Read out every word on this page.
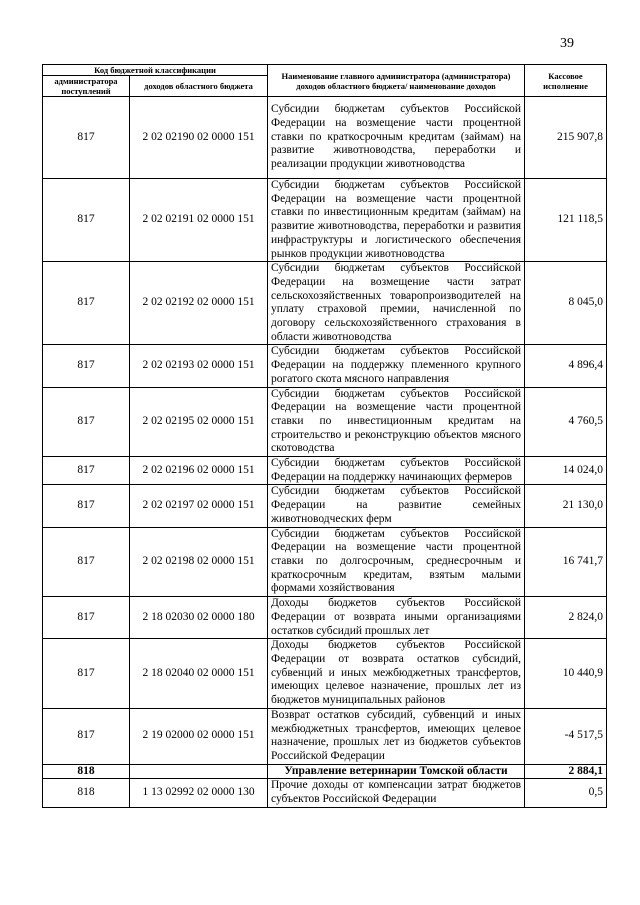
39
Код бюджетной классификации		Наименование главного администратора (администратора) доходов областного бюджета/ наименование доходов	Кассовое исполнение
администратора поступлений	доходов областного бюджета		
817	2 02 02190 02 0000 151	Субсидии бюджетам субъектов Российской Федерации на возмещение части процентной ставки по краткосрочным кредитам (займам) на развитие животноводства, переработки и реализации продукции животноводства	215 907,8
817	2 02 02191 02 0000 151	Субсидии бюджетам субъектов Российской Федерации на возмещение части процентной ставки по инвестиционным кредитам (займам) на развитие животноводства, переработки и развития инфраструктуры и логистического обеспечения рынков продукции животноводства	121 118,5
817	2 02 02192 02 0000 151	Субсидии бюджетам субъектов Российской Федерации на возмещение части затрат сельскохозяйственных товаропроизводителей на уплату страховой премии, начисленной по договору сельскохозяйственного страхования в области животноводства	8 045,0
817	2 02 02193 02 0000 151	Субсидии бюджетам субъектов Российской Федерации на поддержку племенного крупного рогатого скота мясного направления	4 896,4
817	2 02 02195 02 0000 151	Субсидии бюджетам субъектов Российской Федерации на возмещение части процентной ставки по инвестиционным кредитам на строительство и реконструкцию объектов мясного скотоводства	4 760,5
817	2 02 02196 02 0000 151	Субсидии бюджетам субъектов Российской Федерации на поддержку начинающих фермеров	14 024,0
817	2 02 02197 02 0000 151	Субсидии бюджетам субъектов Российской Федерации на развитие семейных животноводческих ферм	21 130,0
817	2 02 02198 02 0000 151	Субсидии бюджетам субъектов Российской Федерации на возмещение части процентной ставки по долгосрочным, среднесрочным и краткосрочным кредитам, взятым малыми формами хозяйствования	16 741,7
817	2 18 02030 02 0000 180	Доходы бюджетов субъектов Российской Федерации от возврата иными организациями остатков субсидий прошлых лет	2 824,0
817	2 18 02040 02 0000 151	Доходы бюджетов субъектов Российской Федерации от возврата остатков субсидий, субвенций и иных межбюджетных трансфертов, имеющих целевое назначение, прошлых лет из бюджетов муниципальных районов	10 440,9
817	2 19 02000 02 0000 151	Возврат остатков субсидий, субвенций и иных межбюджетных трансфертов, имеющих целевое назначение, прошлых лет из бюджетов субъектов Российской Федерации	-4 517,5
818		Управление ветеринарии Томской области	2 884,1
818	1 13 02992 02 0000 130	Прочие доходы от компенсации затрат бюджетов субъектов Российской Федерации	0,5
